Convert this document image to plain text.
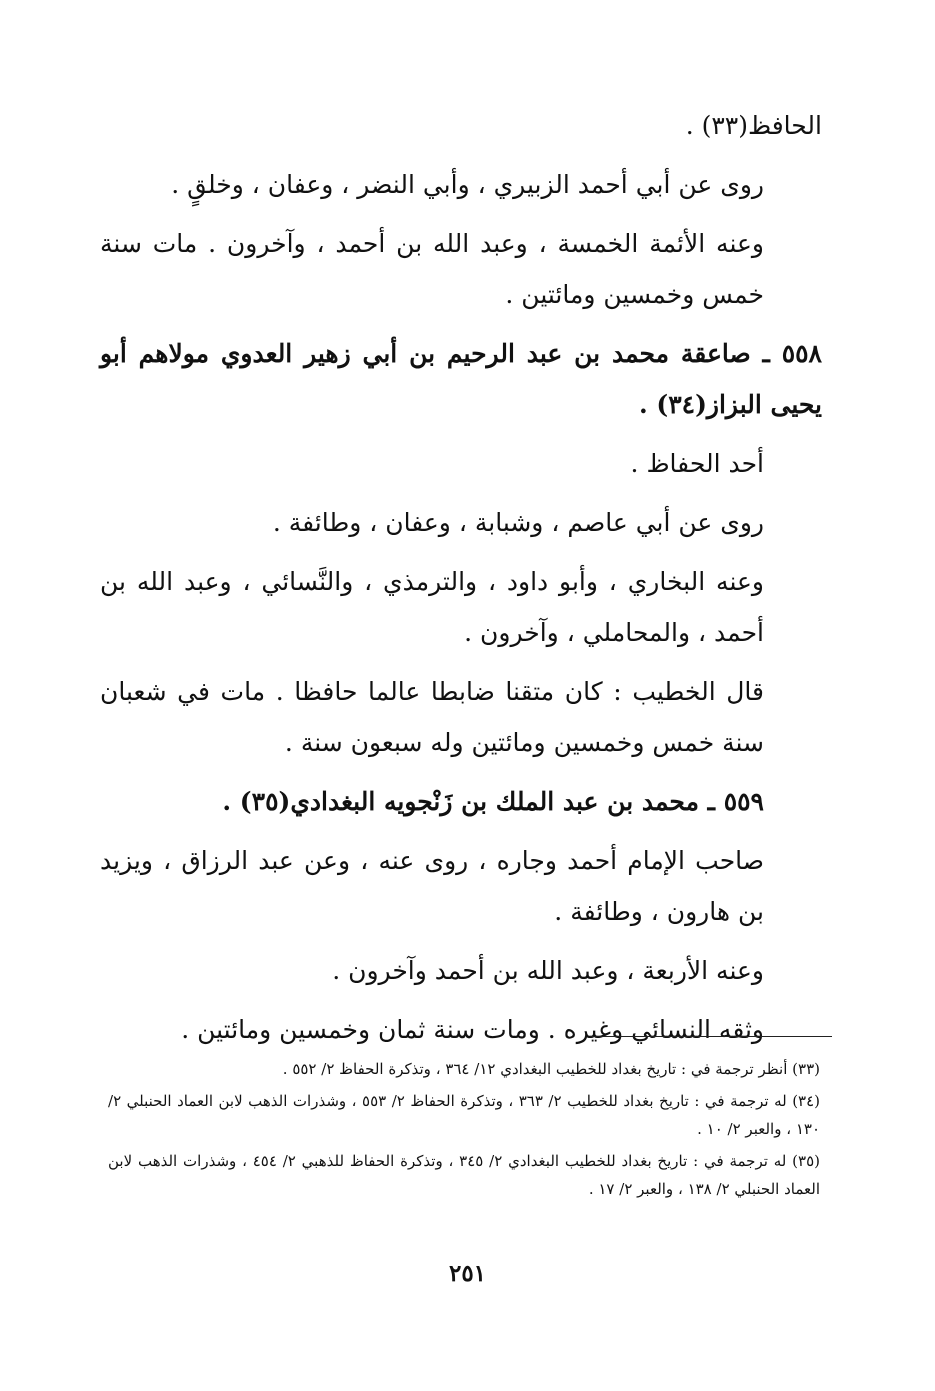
الحافظ(٣٣) .

روى عن أبي أحمد الزبيري ، وأبي النضر ، وعفان ، وخلقٍ .

وعنه الأئمة الخمسة ، وعبد الله بن أحمد ، وآخرون . مات سنة خمس وخمسين ومائتين .

٥٥٨ ـ صاعقة محمد بن عبد الرحيم بن أبي زهير العدوي مولاهم أبو يحيى البزاز(٣٤) .

أحد الحفاظ .

روى عن أبي عاصم ، وشبابة ، وعفان ، وطائفة .

وعنه البخاري ، وأبو داود ، والترمذي ، والنَّسائي ، وعبد الله بن أحمد ، والمحاملي ، وآخرون .

قال الخطيب : كان متقنا ضابطا عالما حافظا . مات في شعبان سنة خمس وخمسين ومائتين وله سبعون سنة .

٥٥٩ ـ محمد بن عبد الملك بن زَنْجويه البغدادي(٣٥) .

صاحب الإمام أحمد وجاره ، روى عنه ، وعن عبد الرزاق ، ويزيد بن هارون ، وطائفة .

وعنه الأربعة ، وعبد الله بن أحمد وآخرون .

وثقه النسائي وغيره . ومات سنة ثمان وخمسين ومائتين .

(٣٣) أنظر ترجمة في : تاريخ بغداد للخطيب البغدادي ١٢/ ٣٦٤ ، وتذكرة الحفاظ ٢/ ٥٥٢ .

(٣٤) له ترجمة في : تاريخ بغداد للخطيب ٢/ ٣٦٣ ، وتذكرة الحفاظ ٢/ ٥٥٣ ، وشذرات الذهب لابن العماد الحنبلي ٢/ ١٣٠ ، والعبر ٢/ ١٠ .

(٣٥) له ترجمة في : تاريخ بغداد للخطيب البغدادي ٢/ ٣٤٥ ، وتذكرة الحفاظ للذهبي ٢/ ٤٥٤ ، وشذرات الذهب لابن العماد الحنبلي ٢/ ١٣٨ ، والعبر ٢/ ١٧ .

٢٥١
